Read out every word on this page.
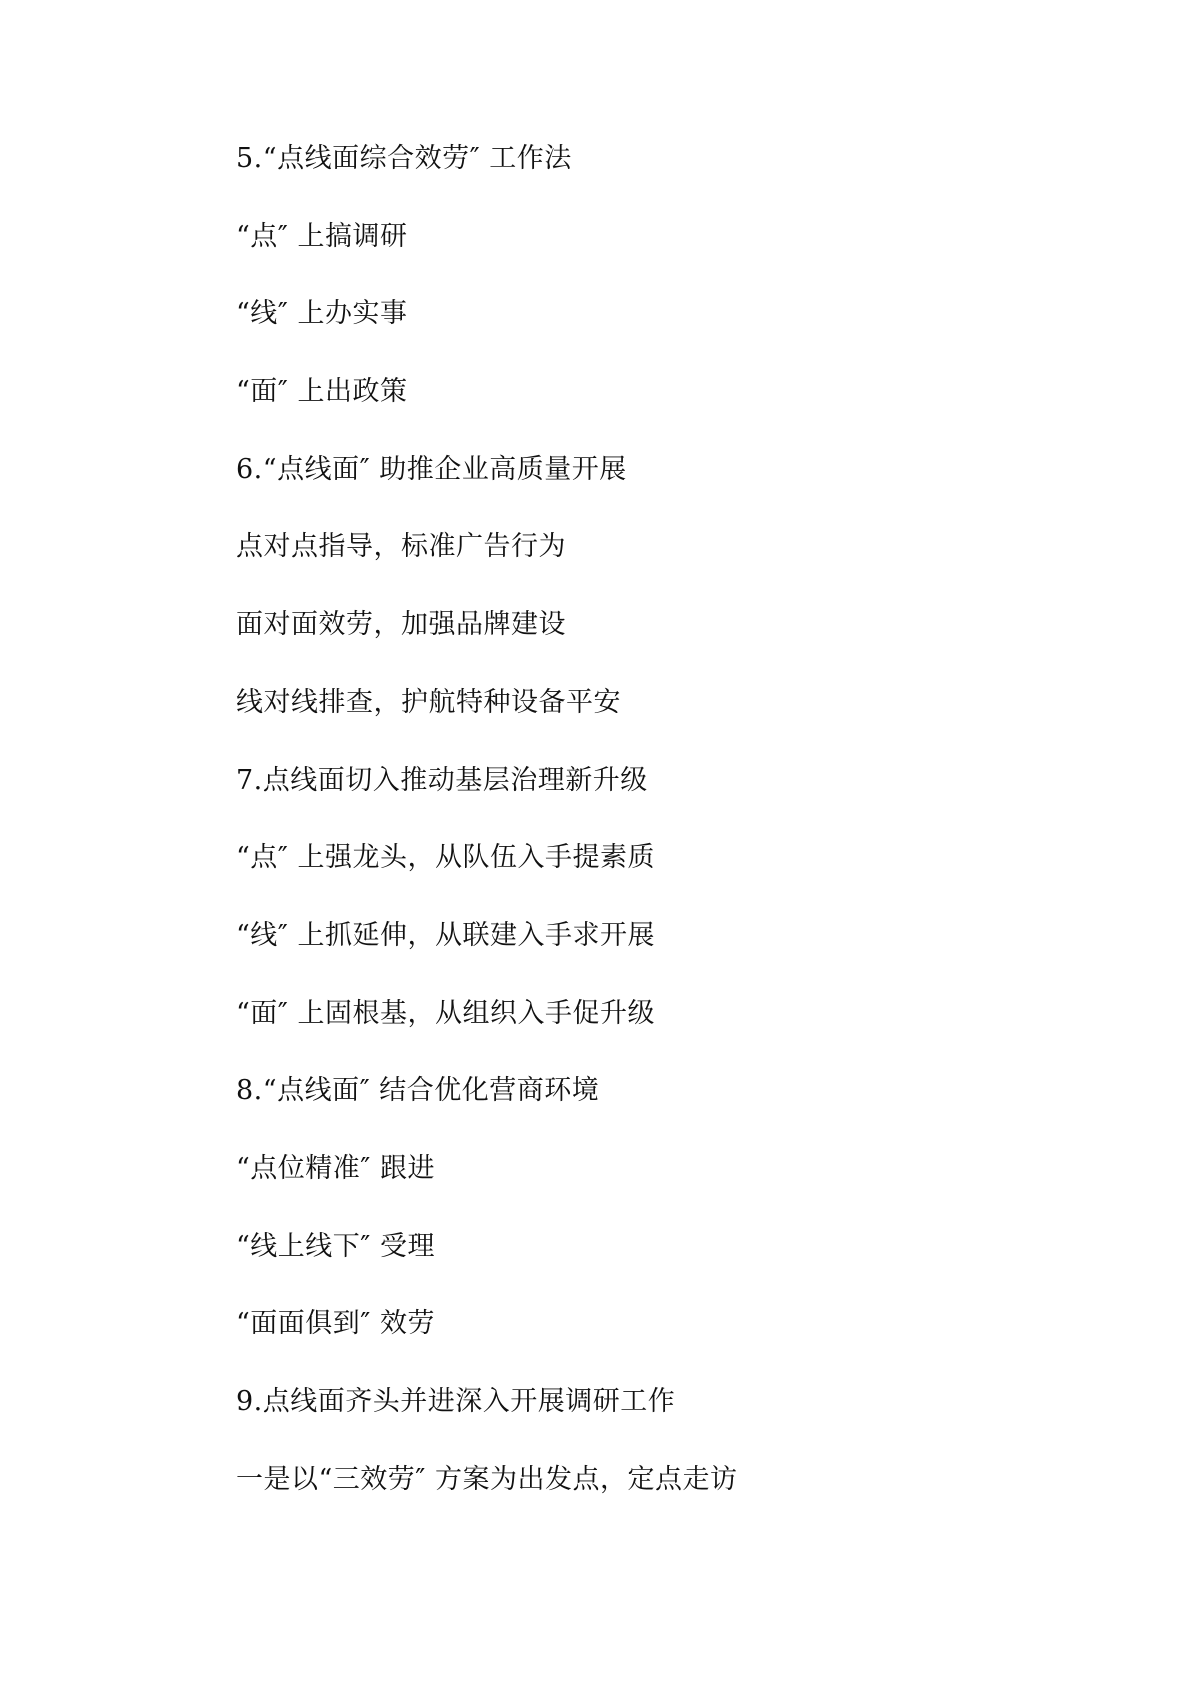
5.“点线面综合效劳″ 工作法

“点″ 上搞调研

“线″ 上办实事

“面″ 上出政策

6.“点线面″ 助推企业高质量开展

点对点指导，标准广告行为

面对面效劳，加强品牌建设

线对线排查，护航特种设备平安

7.点线面切入推动基层治理新升级

“点″ 上强龙头，从队伍入手提素质

“线″ 上抓延伸，从联建入手求开展

“面″ 上固根基，从组织入手促升级

8.“点线面″ 结合优化营商环境

“点位精准″ 跟进

“线上线下″ 受理

“面面俱到″ 效劳

9.点线面齐头并进深入开展调研工作

一是以“三效劳″ 方案为出发点，定点走访
